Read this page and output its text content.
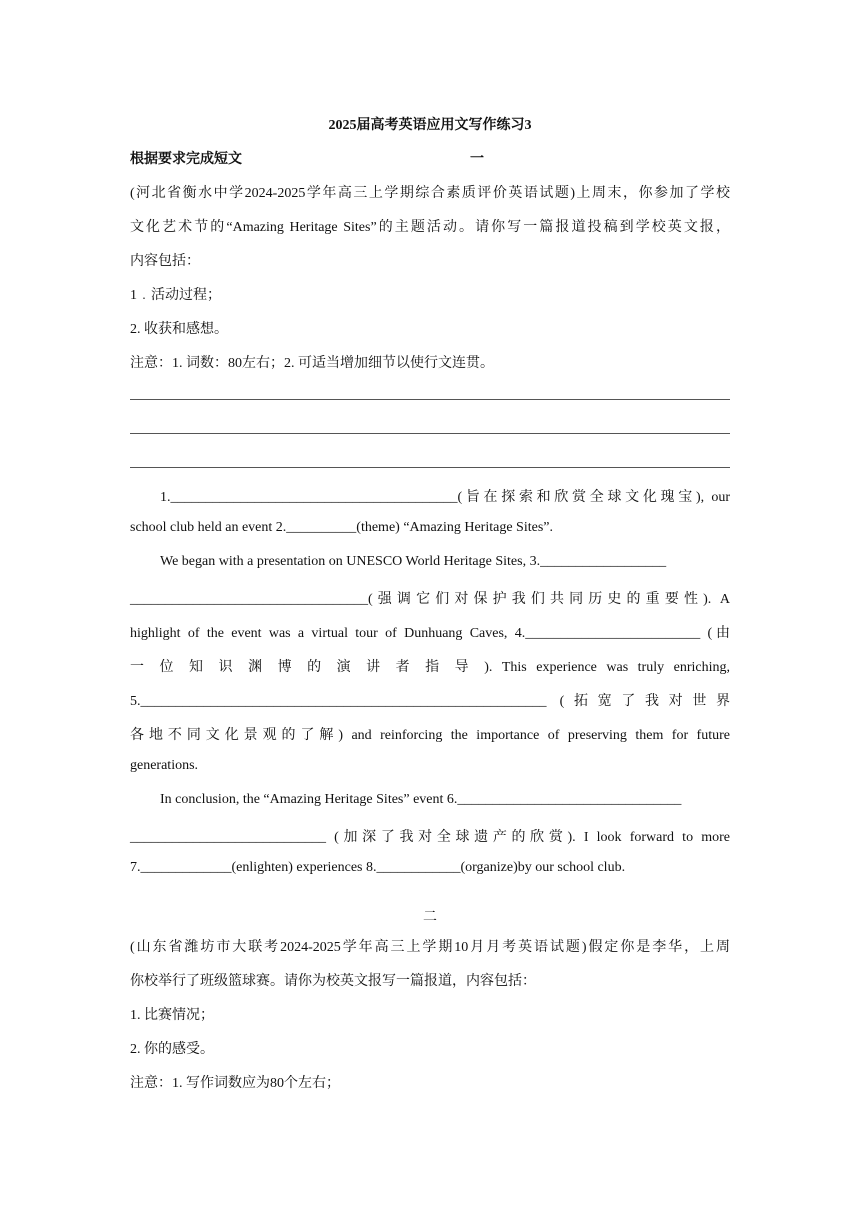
2025届高考英语应用文写作练习3
根据要求完成短文	一
(河北省衡水中学2024-2025学年高三上学期综合素质评价英语试题)上周末，你参加了学校
文化艺术节的“Amazing Heritage Sites”的主题活动。请你写一篇报道投稿到学校英文报，
内容包括：
1﹒活动过程；
2. 收获和感想。
注意：1. 词数：80左右；2. 可适当增加细节以使行文连贯。
1._________________________________________(旨在探索和欣赏全球文化瑰宝), our
school club held an event 2.__________(theme) “Amazing Heritage Sites”.
We began with a presentation on UNESCO World Heritage Sites, 3.__________________
__________________________________(强调它们对保护我们共同历史的重要性). A
highlight of the event was a virtual tour of Dunhuang Caves, 4._________________________ (由
一 位 知 识 渊 博 的 演 讲 者 指 导 ). This experience was truly enriching,
5.__________________________________________________________ (拓宽了我对世界
各地不同文化景观的了解) and reinforcing the importance of preserving them for future
generations.
In conclusion, the “Amazing Heritage Sites” event 6.________________________________
____________________________ (加深了我对全球遗产的欣赏). I look forward to more
7._____________(enlighten) experiences 8.____________(organize)by our school club.
二
(山东省潍坊市大联考2024-2025学年高三上学期10月月考英语试题)假定你是李华，上周
你校举行了班级篮球赛。请你为校英文报写一篇报道，内容包括：
1. 比赛情况；
2. 你的感受。
注意：1. 写作词数应为80个左右；
